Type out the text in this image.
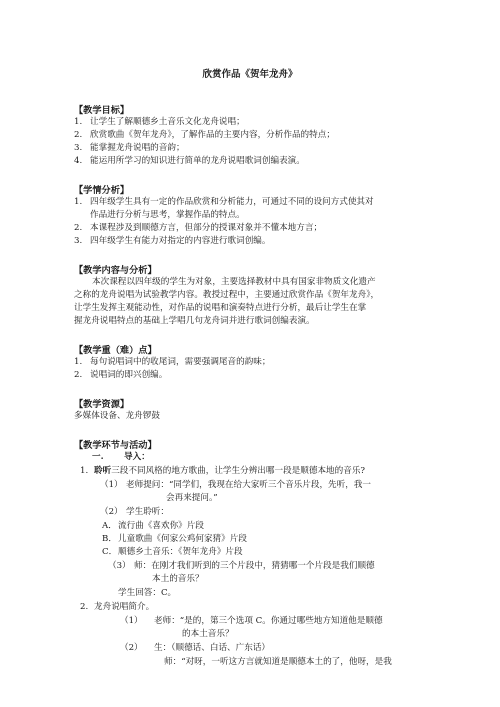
欣赏作品《贺年龙舟》
【教学目标】
1. 让学生了解顺德乡土音乐文化龙舟说唱；
2. 欣赏歌曲《贺年龙舟》，了解作品的主要内容，分析作品的特点；
3. 能掌握龙舟说唱的音韵；
4. 能运用所学习的知识进行简单的龙舟说唱歌词创编表演。
【学情分析】
1. 四年级学生具有一定的作品欣赏和分析能力，可通过不同的设问方式使其对
作品进行分析与思考，掌握作品的特点。
2. 本课程涉及到顺德方言，但部分的授课对象并不懂本地方言；
3. 四年级学生有能力对指定的内容进行歌词创编。
【教学内容与分析】
本次课程以四年级的学生为对象，主要选择教材中具有国家非物质文化遗产
之称的龙舟说唱为试验教学内容。教授过程中，主要通过欣赏作品《贺年龙舟》，
让学生发挥主观能动性，对作品的说唱和演奏特点进行分析，最后让学生在掌
握龙舟说唱特点的基础上学唱几句龙舟词并进行歌词创编表演。
【教学重（难）点】
1. 每句说唱词中的收尾词，需要强调尾音的韵味；
2. 说唱词的即兴创编。
【教学资源】
多媒体设备、龙舟锣鼓
【教学环节与活动】
一. 导入：
1. 聆听三段不同风格的地方歌曲，让学生分辨出哪一段是顺德本地的音乐?
（1） 老师提问：“同学们，我现在给大家听三个音乐片段，先听，我一
会再来提问。”
（2） 学生聆听：
A．流行曲《喜欢你》片段
B．儿童歌曲《何家公鸡何家猜》片段
C．顺德乡土音乐：《贺年龙舟》片段
（3） 师：在刚才我们听到的三个片段中，猜猜哪一个片段是我们顺德
本土的音乐？
学生回答：C。
2. 龙舟说唱简介。
（1） 老师：“是的，第三个选项 C。你通过哪些地方知道他是顺德
的本土音乐？
（2） 生：（顺德话、白话、广东话）
师：“对呀，一听这方言就知道是顺德本土的了，他呀，是我
